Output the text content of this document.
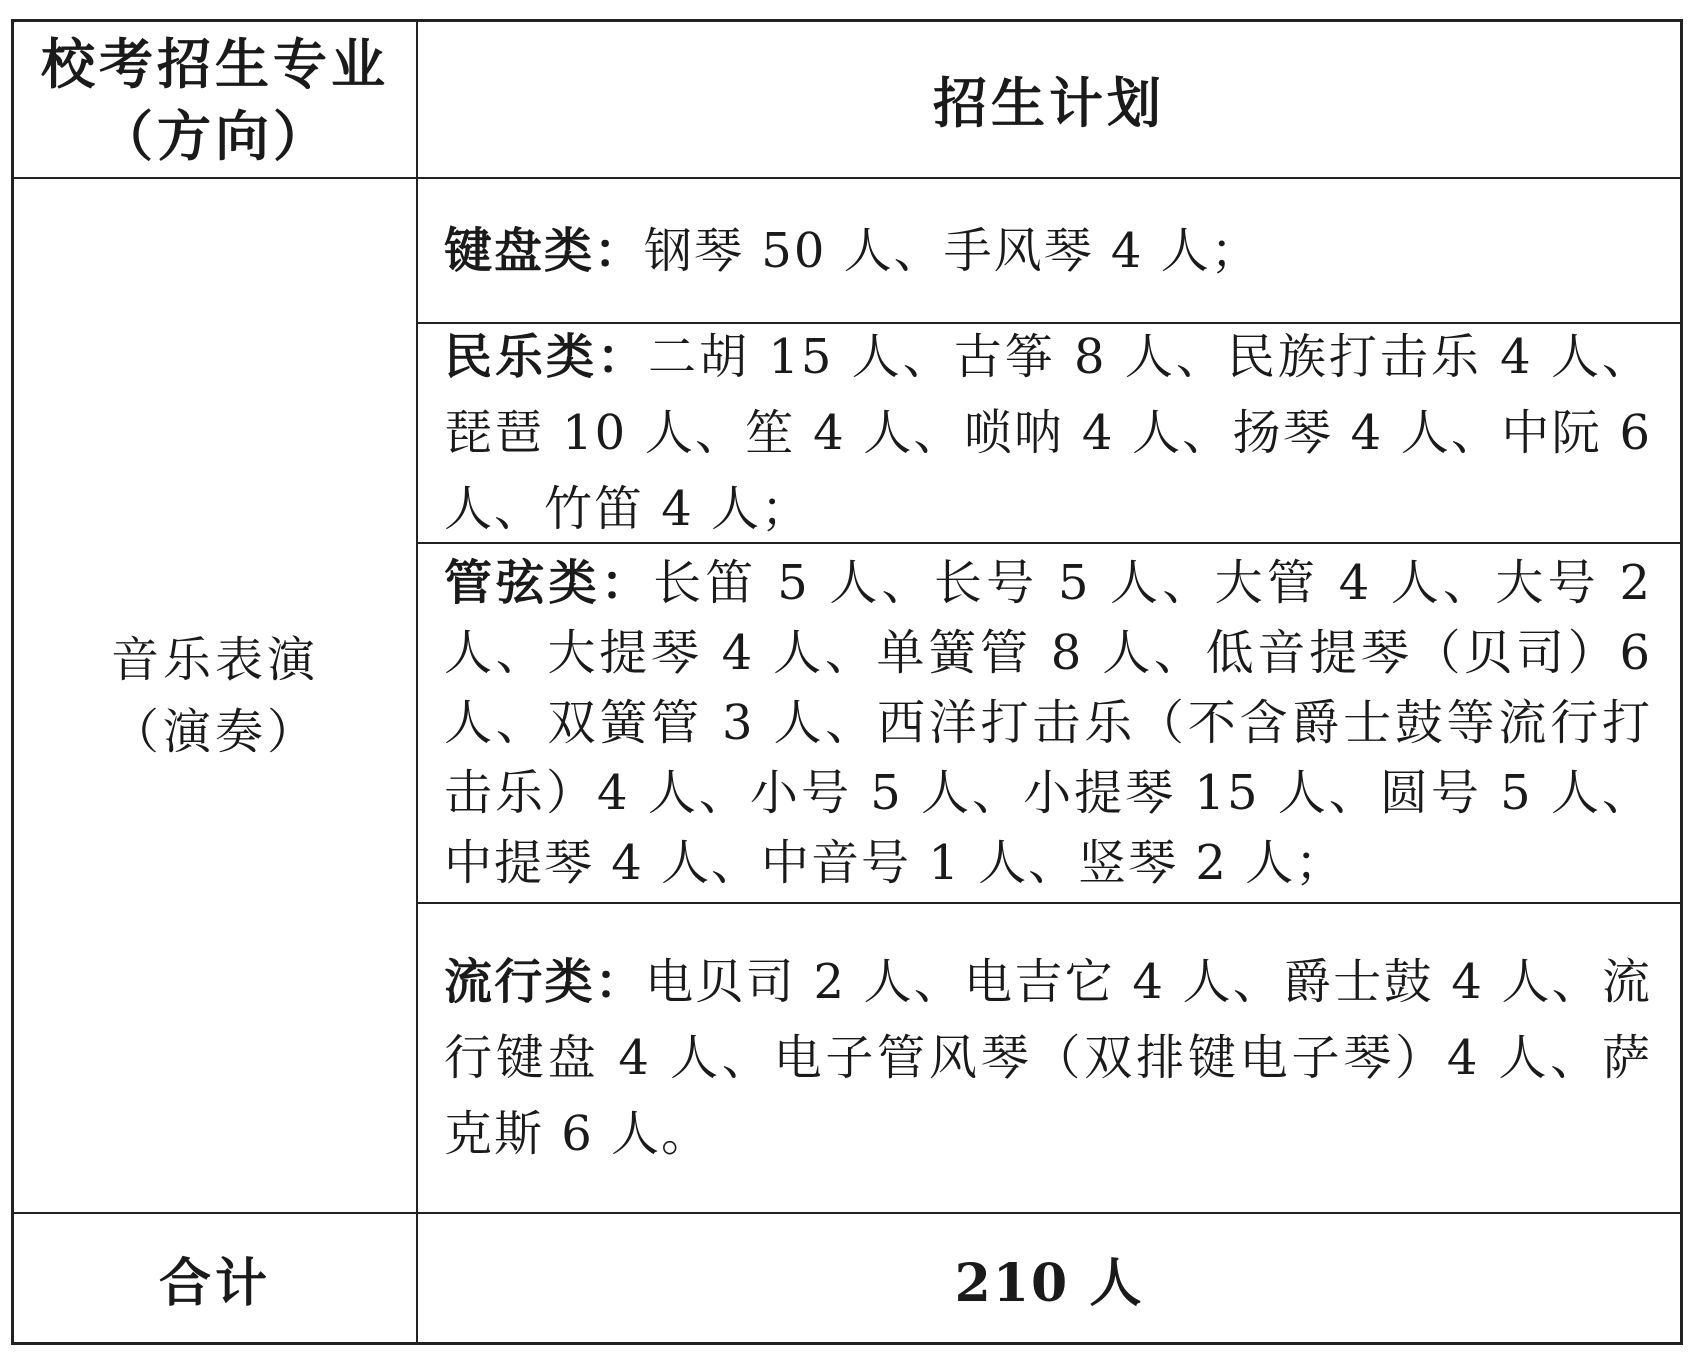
校考招生专业
（方向）
招生计划
音乐表演
（演奏）

键盘类：钢琴 50 人、手风琴 4 人；

民乐类：二胡 15 人、古筝 8 人、民族打击乐 4 人、琵琶 10 人、笙 4 人、唢呐 4 人、扬琴 4 人、中阮 6 人、竹笛 4 人；

管弦类：长笛 5 人、长号 5 人、大管 4 人、大号 2 人、大提琴 4 人、单簧管 8 人、低音提琴（贝司）6 人、双簧管 3 人、西洋打击乐（不含爵士鼓等流行打击乐）4 人、小号 5 人、小提琴 15 人、圆号 5 人、中提琴 4 人、中音号 1 人、竖琴 2 人；

流行类：电贝司 2 人、电吉它 4 人、爵士鼓 4 人、流行键盘 4 人、电子管风琴（双排键电子琴）4 人、萨克斯 6 人。

合计	210 人
